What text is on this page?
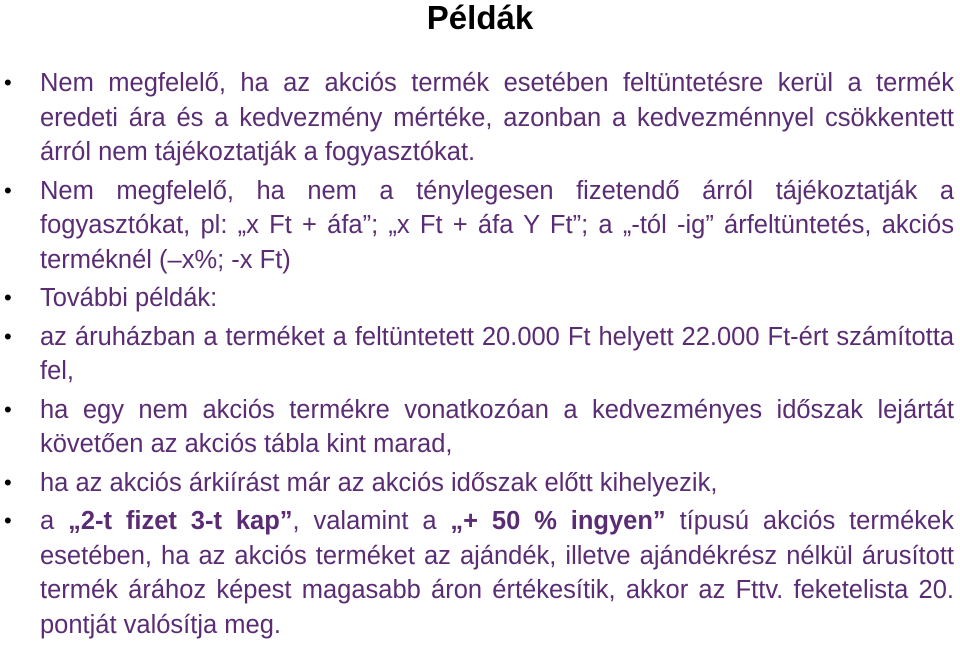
Példák
• Nem megfelelő, ha az akciós termék esetében feltüntetésre kerül a termék eredeti ára és a kedvezmény mértéke, azonban a kedvezménnyel csökkentett árról nem tájékoztatják a fogyasztókat.
• Nem megfelelő, ha nem a ténylegesen fizetendő árról tájékoztatják a fogyasztókat, pl: „x Ft + áfa”; „x Ft + áfa Y Ft”; a „-tól -ig” árfeltüntetés, akciós terméknél (–x%; -x Ft)
• További példák:
• az áruházban a terméket a feltüntetett 20.000 Ft helyett 22.000 Ft-ért számította fel,
• ha egy nem akciós termékre vonatkozóan a kedvezményes időszak lejártát követően az akciós tábla kint marad,
• ha az akciós árkiírást már az akciós időszak előtt kihelyezik,
• a „2-t fizet 3-t kap”, valamint a „+ 50 % ingyen” típusú akciós termékek esetében, ha az akciós terméket az ajándék, illetve ajándékrész nélkül árusított termék árához képest magasabb áron értékesítik, akkor az Fttv. feketelista 20. pontját valósítja meg.
